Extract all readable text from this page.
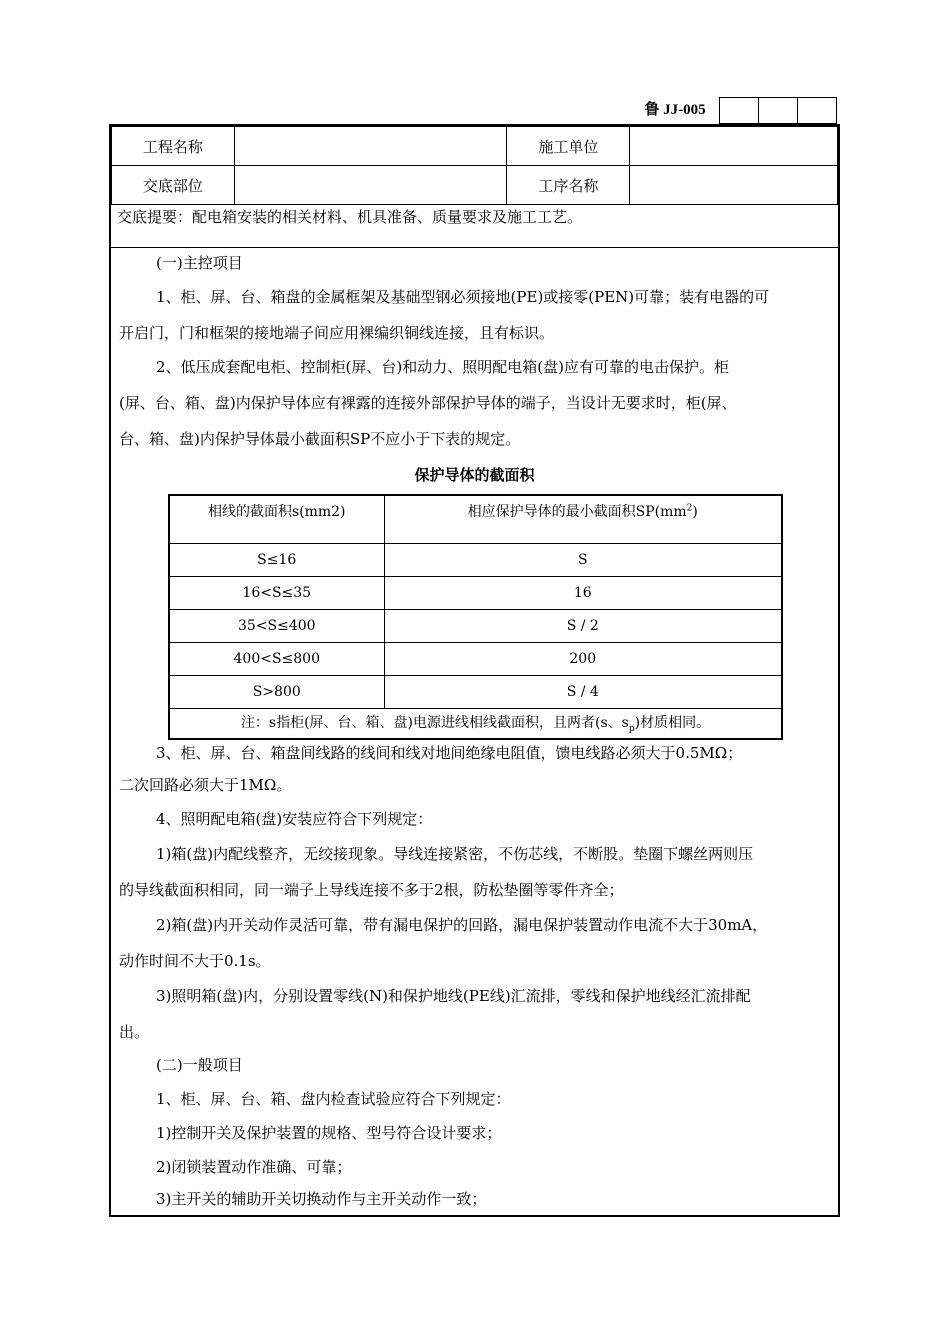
鲁 JJ-005
工程名称		施工单位	
交底部位		工序名称	
交底提要：配电箱安装的相关材料、机具准备、质量要求及施工工艺。
(一)主控项目
1、柜、屏、台、箱盘的金属框架及基础型钢必须接地(PE)或接零(PEN)可靠；装有电器的可
开启门，门和框架的接地端子间应用裸编织铜线连接，且有标识。
2、低压成套配电柜、控制柜(屏、台)和动力、照明配电箱(盘)应有可靠的电击保护。柜
(屏、台、箱、盘)内保护导体应有裸露的连接外部保护导体的端子，当设计无要求时，柜(屏、
台、箱、盘)内保护导体最小截面积SP不应小于下表的规定。
保护导体的截面积
相线的截面积s(mm2)	相应保护导体的最小截面积$SP(mm^2)$
S≤16	S
16<S≤35	16
35<S≤400	S / 2
400<S≤800	200
S>800	S / 4
注：s指柜(屏、台、箱、盘)电源进线相线截面积，且两者(s、$s_p$)材质相同。	
3、柜、屏、台、箱盘间线路的线间和线对地间绝缘电阻值，馈电线路必须大于0.5MΩ；
二次回路必须大于1MΩ。
4、照明配电箱(盘)安装应符合下列规定：
1)箱(盘)内配线整齐，无绞接现象。导线连接紧密，不伤芯线，不断股。垫圈下螺丝两则压
的导线截面积相同，同一端子上导线连接不多于2根，防松垫圈等零件齐全；
2)箱(盘)内开关动作灵活可靠，带有漏电保护的回路，漏电保护装置动作电流不大于30mA，
动作时间不大于0.1s。
3)照明箱(盘)内，分别设置零线(N)和保护地线(PE线)汇流排，零线和保护地线经汇流排配
出。
(二)一般项目
1、柜、屏、台、箱、盘内检查试验应符合下列规定：
1)控制开关及保护装置的规格、型号符合设计要求；
2)闭锁装置动作准确、可靠；
3)主开关的辅助开关切换动作与主开关动作一致；
